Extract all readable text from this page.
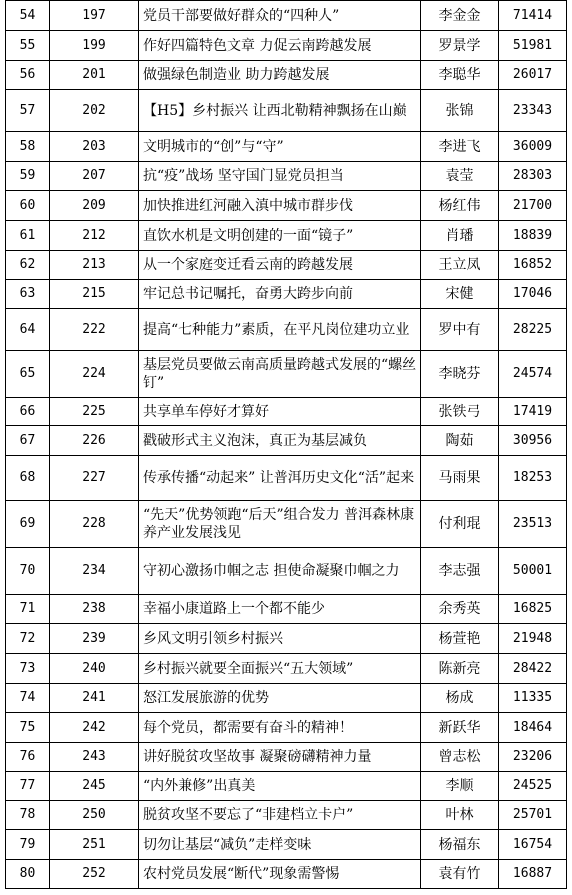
54	197	党员干部要做好群众的“四种人”	李金金	71414
55	199	作好四篇特色文章 力促云南跨越发展	罗景学	51981
56	201	做强绿色制造业 助力跨越发展	李聪华	26017
57	202	【H5】乡村振兴 让西北勒精神飘扬在山巅	张锦	23343
58	203	文明城市的“创”与“守”	李进飞	36009
59	207	抗“疫”战场 坚守国门显党员担当	袁莹	28303
60	209	加快推进红河融入滇中城市群步伐	杨红伟	21700
61	212	直饮水机是文明创建的一面“镜子”	肖璠	18839
62	213	从一个家庭变迁看云南的跨越发展	王立凤	16852
63	215	牢记总书记嘱托，奋勇大跨步向前	宋健	17046
64	222	提高“七种能力”素质，在平凡岗位建功立业	罗中有	28225
65	224	基层党员要做云南高质量跨越式发展的“螺丝钉”	李晓芬	24574
66	225	共享单车停好才算好	张铁弓	17419
67	226	戳破形式主义泡沫，真正为基层减负	陶茹	30956
68	227	传承传播“动起来” 让普洱历史文化“活”起来	马雨果	18253
69	228	“先天”优势领跑“后天”组合发力 普洱森林康养产业发展浅见	付利琨	23513
70	234	守初心激扬巾帼之志 担使命凝聚巾帼之力	李志强	50001
71	238	幸福小康道路上一个都不能少	余秀英	16825
72	239	乡风文明引领乡村振兴	杨萱艳	21948
73	240	乡村振兴就要全面振兴“五大领域”	陈新亮	28422
74	241	怒江发展旅游的优势	杨成	11335
75	242	每个党员，都需要有奋斗的精神！	新跃华	18464
76	243	讲好脱贫攻坚故事 凝聚磅礴精神力量	曾志松	23206
77	245	“内外兼修”出真美	李顺	24525
78	250	脱贫攻坚不要忘了“非建档立卡户”	叶林	25701
79	251	切勿让基层“减负”走样变味	杨福东	16754
80	252	农村党员发展“断代”现象需警惕	袁有竹	16887
